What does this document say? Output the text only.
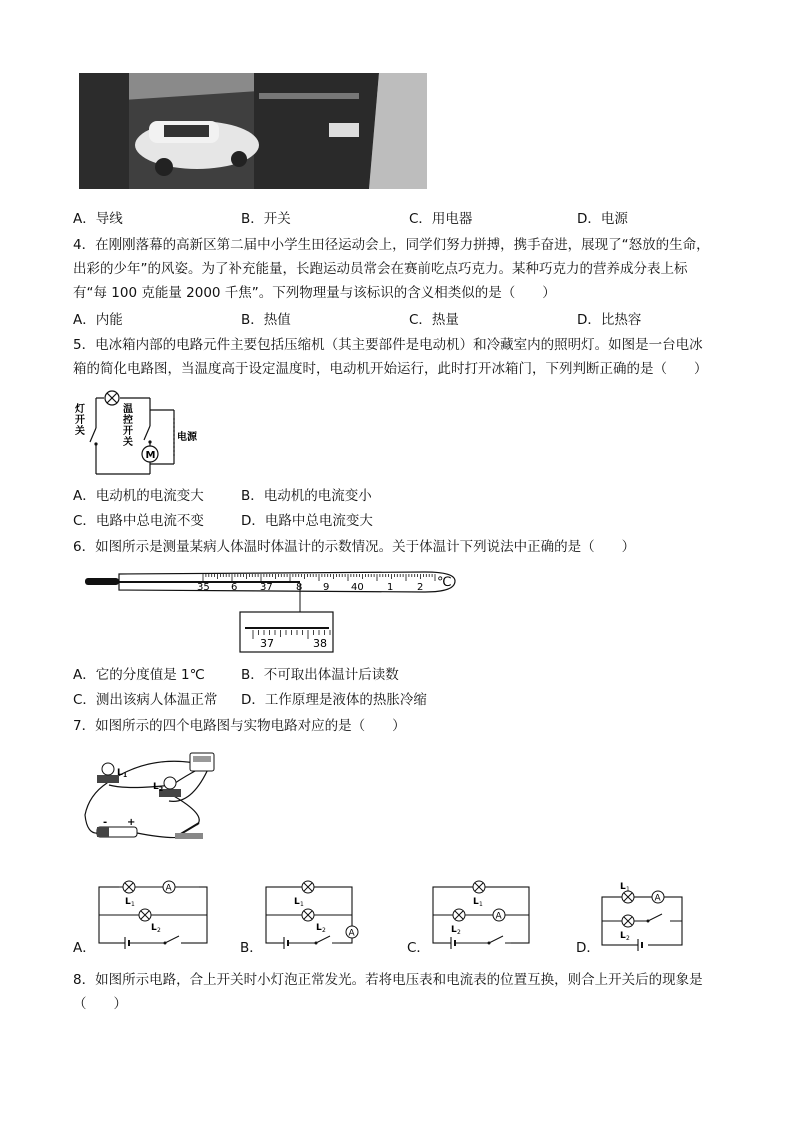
A．导线	B．开关	C．用电器	D．电源
4．在刚刚落幕的高新区第二届中小学生田径运动会上，同学们努力拼搏，携手奋进，展现了“怒放的生命，
出彩的少年”的风姿。为了补充能量，长跑运动员常会在赛前吃点巧克力。某种巧克力的营养成分表上标
有“每 100 克能量 2000 千焦”。下列物理量与该标识的含义相类似的是（　　）
A．内能	B．热值	C．热量	D．比热容
5．电冰箱内部的电路元件主要包括压缩机（其主要部件是电动机）和冷藏室内的照明灯。如图是一台电冰
箱的简化电路图，当温度高于设定温度时，电动机开始运行，此时打开冰箱门，下列判断正确的是（　　）
灯
开
关
温
控
开
关	电源
M
A．电动机的电流变大	B．电动机的电流变小
C．电路中总电流不变	D．电路中总电流变大
6．如图所示是测量某病人体温时体温计的示数情况。关于体温计下列说法中正确的是（　　）
35 6 37 8 9 40 1 2 ℃
37	38
A．它的分度值是 1℃	B．不可取出体温计后读数
C．测出该病人体温正常 D．工作原理是液体的热胀冷缩
7．如图所示的四个电路图与实物电路对应的是（　　）
L 1
L 2
- +
A．
A
L 1
L 2
B．
A
L 1
L 2
C．
A
L 1
L 2
D．
A
L 1
L 2
8．如图所示电路，合上开关时小灯泡正常发光。若将电压表和电流表的位置互换，则合上开关后的现象是
（　　）
